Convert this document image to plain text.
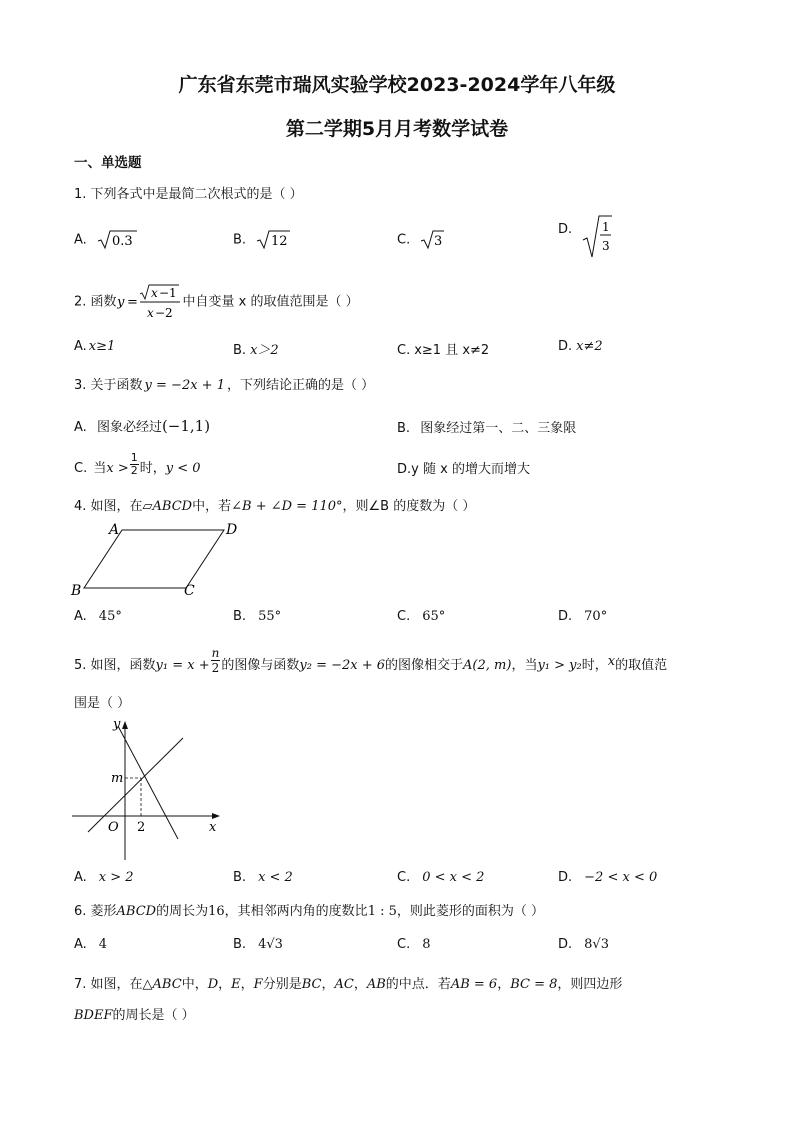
广东省东莞市瑞风实验学校2023-2024学年八年级
第二学期5月月考数学试卷
一、单选题
1. 下列各式中是最简二次根式的是（ ）
A. 0.3	B. 12	C. 3
D.	1
3
2. 函数 y =
x −1
x −2
中自变量 x 的取值范围是（ ）
A. x≥1	B. x＞2	C. x≥1 且 x≠2	D. x≠2
3. 关于函数 y = −2x + 1 ，下列结论正确的是（ ）
A. 图象必经过(−1,1)	B. 图象经过第一、二、三象限
C. 当$x > \frac{1}{2}$ 时，y < 0	D.y 随 x 的增大而增大
4. 如图，在▱ABCD中，若∠B + ∠D = 110°，则∠B 的度数为（ ）
A	D
B	C
A. 45°	B. 55°	C. 65°	D. 70°
5. 如图，函数$y_1 = x + \frac{n}{2}$ 的图像与函数y₂ = −2x + 6的图像相交于A(2, m)，当y₁ > y₂时，x的取值范
围是（ ）
y
x
O 2
m
A. x > 2	B. x < 2	C. 0 < x < 2	D. −2 < x < 0
6. 菱形ABCD的周长为16，其相邻两内角的度数比1 : 5，则此菱形的面积为（ ）
A. 4	B. 4√3	C. 8	D. 8√3
7. 如图，在△ABC中，D，E，F分别是BC，AC，AB的中点．若AB = 6，BC = 8，则四边形
BDEF的周长是（ ）
